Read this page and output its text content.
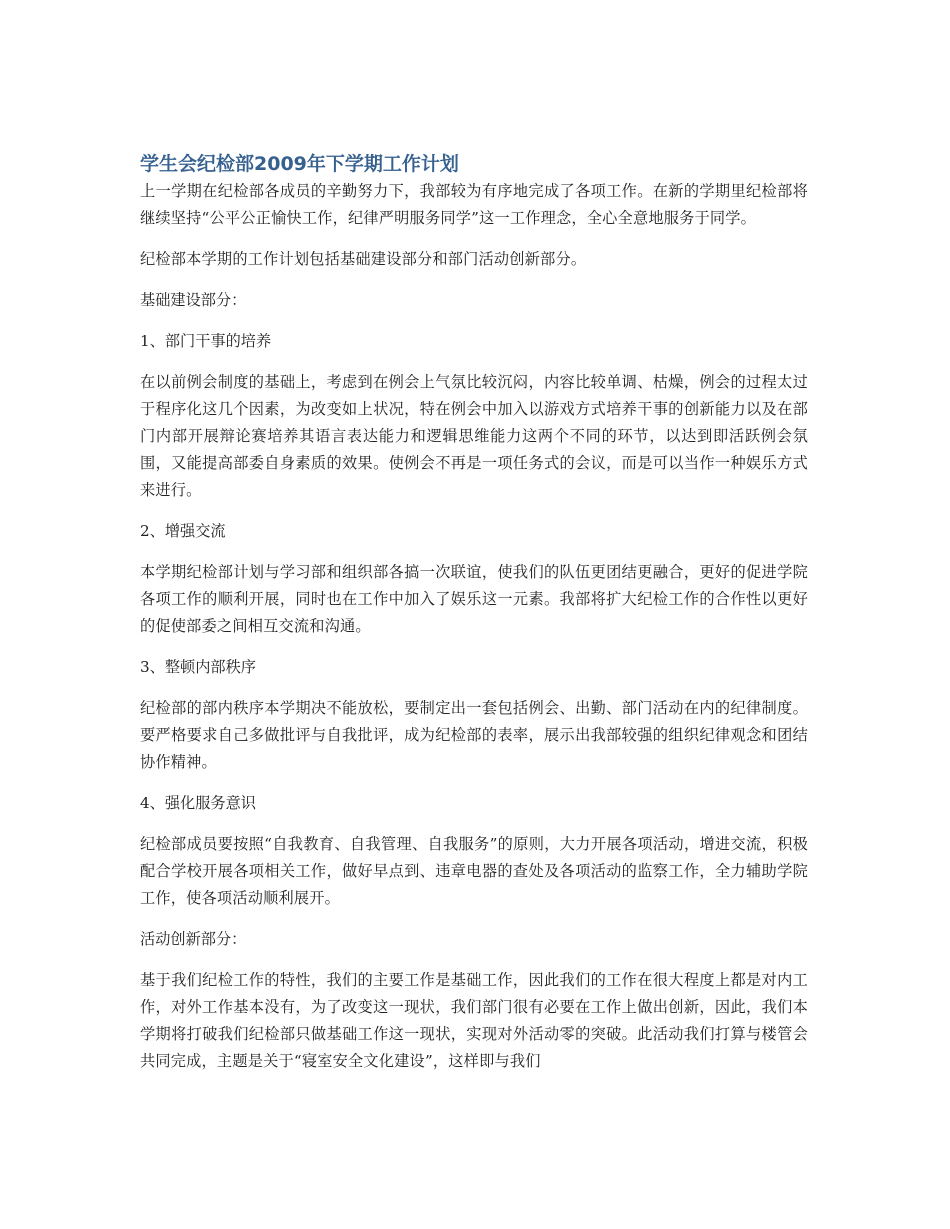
学生会纪检部2009年下学期工作计划

上一学期在纪检部各成员的辛勤努力下，我部较为有序地完成了各项工作。在新的学期里纪检部将继续坚持“公平公正愉快工作，纪律严明服务同学”这一工作理念，全心全意地服务于同学。

纪检部本学期的工作计划包括基础建设部分和部门活动创新部分。

基础建设部分：

1、部门干事的培养

在以前例会制度的基础上，考虑到在例会上气氛比较沉闷，内容比较单调、枯燥，例会的过程太过于程序化这几个因素，为改变如上状况，特在例会中加入以游戏方式培养干事的创新能力以及在部门内部开展辩论赛培养其语言表达能力和逻辑思维能力这两个不同的环节，以达到即活跃例会氛围，又能提高部委自身素质的效果。使例会不再是一项任务式的会议，而是可以当作一种娱乐方式来进行。

2、增强交流

本学期纪检部计划与学习部和组织部各搞一次联谊，使我们的队伍更团结更融合，更好的促进学院各项工作的顺利开展，同时也在工作中加入了娱乐这一元素。我部将扩大纪检工作的合作性以更好的促使部委之间相互交流和沟通。

3、整顿内部秩序

纪检部的部内秩序本学期决不能放松，要制定出一套包括例会、出勤、部门活动在内的纪律制度。要严格要求自己多做批评与自我批评，成为纪检部的表率，展示出我部较强的组织纪律观念和团结协作精神。

4、强化服务意识

纪检部成员要按照“自我教育、自我管理、自我服务”的原则，大力开展各项活动，增进交流，积极配合学校开展各项相关工作，做好早点到、违章电器的查处及各项活动的监察工作，全力辅助学院工作，使各项活动顺利展开。

活动创新部分：

基于我们纪检工作的特性，我们的主要工作是基础工作，因此我们的工作在很大程度上都是对内工作，对外工作基本没有，为了改变这一现状，我们部门很有必要在工作上做出创新，因此，我们本学期将打破我们纪检部只做基础工作这一现状，实现对外活动零的突破。此活动我们打算与楼管会共同完成，主题是关于“寝室安全文化建设”，这样即与我们
